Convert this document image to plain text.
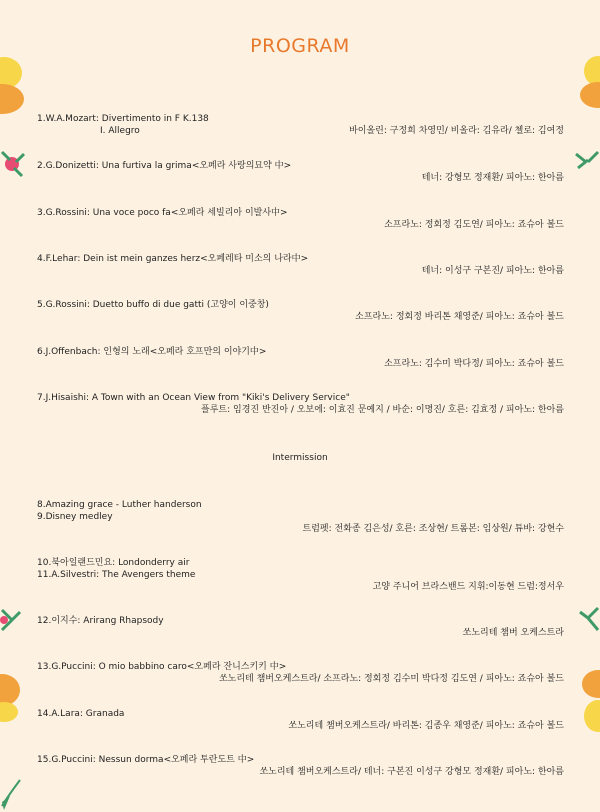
PROGRAM
1.W.A.Mozart: Divertimento in F K.138
I. Allegro	바이올린: 구정희 차영민/ 비올라: 김유라/ 첼로: 김여정
2.G.Donizetti: Una furtiva la grima<오페라 사랑의묘약 中>
테너: 강형모 정재환/ 피아노: 한아름
3.G.Rossini: Una voce poco fa<오페라 세빌리아 이발사中>
소프라노: 정회정 김도연/ 피아노: 죠슈아 볼드
4.F.Lehar: Dein ist mein ganzes herz<오페레타 미소의 나라中>
테너: 이성구 구본진/ 피아노: 한아름
5.G.Rossini: Duetto buffo di due gatti (고양이 이중창)
소프라노: 정회정 바리톤 채영준/ 피아노: 죠슈아 볼드
6.J.Offenbach: 인형의 노래<오페라 호프만의 이야기中>
소프라노: 김수미 박다정/ 피아노: 죠슈아 볼드
7.J.Hisaishi: A Town with an Ocean View from "Kiki's Delivery Service"
플루트: 임경진 반진아 / 오보에: 이효진 문예지 / 바순: 이명진/ 호른: 김효정 / 피아노: 한아름
Intermission
8.Amazing grace - Luther handerson
9.Disney medley
트럼펫: 전화종 김은성/ 호른: 조상현/ 트롬본: 임상원/ 튜바: 강현수
10.북아일랜드민요: Londonderry air
11.A.Silvestri: The Avengers theme
고양 주니어 브라스밴드 지휘:이동현 드럼:정서우
12.이지수: Arirang Rhapsody
쏘노리테 챔버 오케스트라
13.G.Puccini: O mio babbino caro<오페라 잔니스키키 中>
쏘노리테 챔버오케스트라/ 소프라노: 정회정 김수미 박다정 김도연 / 피아노: 죠슈아 볼드
14.A.Lara: Granada
쏘노리테 챔버오케스트라/ 바리톤: 김종우 채영준/ 피아노: 죠슈아 볼드
15.G.Puccini: Nessun dorma<오페라 투란도트 中>
쏘노리테 챔버오케스트라/ 테너: 구본진 이성구 강형모 정재환/ 피아노: 한아름
